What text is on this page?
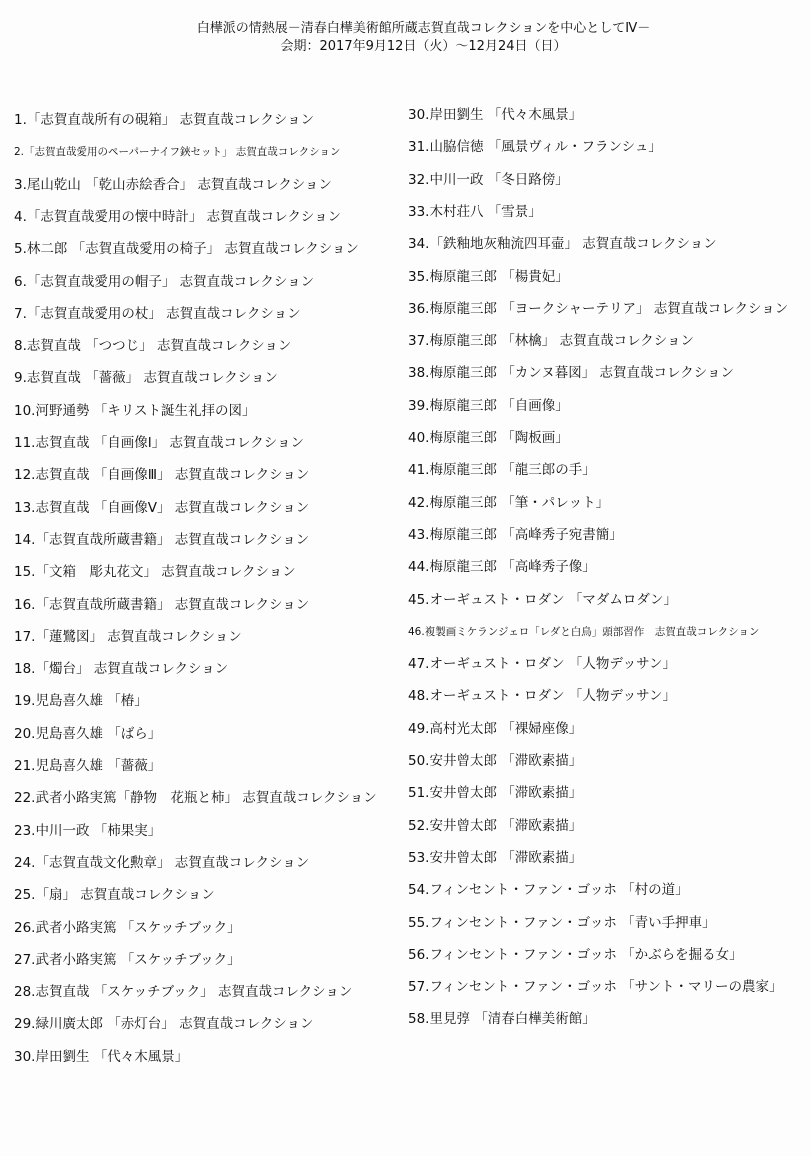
白樺派の情熱展－清春白樺美術館所蔵志賀直哉コレクションを中心としてⅣ－
会期：2017年9月12日（火）～12月24日（日）
1.「志賀直哉所有の硯箱」 志賀直哉コレクション
2.「志賀直哉愛用のペーパーナイフ鋏セット」 志賀直哉コレクション
3.尾山乾山 「乾山赤絵香合」 志賀直哉コレクション
4.「志賀直哉愛用の懐中時計」 志賀直哉コレクション
5.林二郎 「志賀直哉愛用の椅子」 志賀直哉コレクション
6.「志賀直哉愛用の帽子」 志賀直哉コレクション
7.「志賀直哉愛用の杖」 志賀直哉コレクション
8.志賀直哉 「つつじ」 志賀直哉コレクション
9.志賀直哉 「薔薇」 志賀直哉コレクション
10.河野通勢 「キリスト誕生礼拝の図」
11.志賀直哉 「自画像Ⅰ」 志賀直哉コレクション
12.志賀直哉 「自画像Ⅲ」 志賀直哉コレクション
13.志賀直哉 「自画像Ⅴ」 志賀直哉コレクション
14.「志賀直哉所蔵書籍」 志賀直哉コレクション
15.「文箱　彫丸花文」 志賀直哉コレクション
16.「志賀直哉所蔵書籍」 志賀直哉コレクション
17.「蓮鷺図」 志賀直哉コレクション
18.「燭台」 志賀直哉コレクション
19.児島喜久雄 「椿」
20.児島喜久雄 「ばら」
21.児島喜久雄 「薔薇」
22.武者小路実篤「静物　花瓶と柿」 志賀直哉コレクション
23.中川一政 「柿果実」
24.「志賀直哉文化勲章」 志賀直哉コレクション
25.「扇」 志賀直哉コレクション
26.武者小路実篤 「スケッチブック」
27.武者小路実篤 「スケッチブック」
28.志賀直哉 「スケッチブック」 志賀直哉コレクション
29.緑川廣太郎 「赤灯台」 志賀直哉コレクション
30.岸田劉生 「代々木風景」
30.岸田劉生 「代々木風景」
31.山脇信徳 「風景ヴィル・フランシュ」
32.中川一政 「冬日路傍」
33.木村荘八 「雪景」
34.「鉄釉地灰釉流四耳壷」 志賀直哉コレクション
35.梅原龍三郎 「楊貴妃」
36.梅原龍三郎 「ヨークシャーテリア」 志賀直哉コレクション
37.梅原龍三郎 「林檎」 志賀直哉コレクション
38.梅原龍三郎 「カンヌ暮図」 志賀直哉コレクション
39.梅原龍三郎 「自画像」
40.梅原龍三郎 「陶板画」
41.梅原龍三郎 「龍三郎の手」
42.梅原龍三郎 「筆・パレット」
43.梅原龍三郎 「高峰秀子宛書簡」
44.梅原龍三郎 「高峰秀子像」
45.オーギュスト・ロダン 「マダムロダン」
46.複製画ミケランジェロ「レダと白鳥」頭部習作　志賀直哉コレクション
47.オーギュスト・ロダン 「人物デッサン」
48.オーギュスト・ロダン 「人物デッサン」
49.高村光太郎 「裸婦座像」
50.安井曾太郎 「滞欧素描」
51.安井曾太郎 「滞欧素描」
52.安井曾太郎 「滞欧素描」
53.安井曾太郎 「滞欧素描」
54.フィンセント・ファン・ゴッホ 「村の道」
55.フィンセント・ファン・ゴッホ 「青い手押車」
56.フィンセント・ファン・ゴッホ 「かぶらを掘る女」
57.フィンセント・ファン・ゴッホ 「サント・マリーの農家」
58.里見弴 「清春白樺美術館」
